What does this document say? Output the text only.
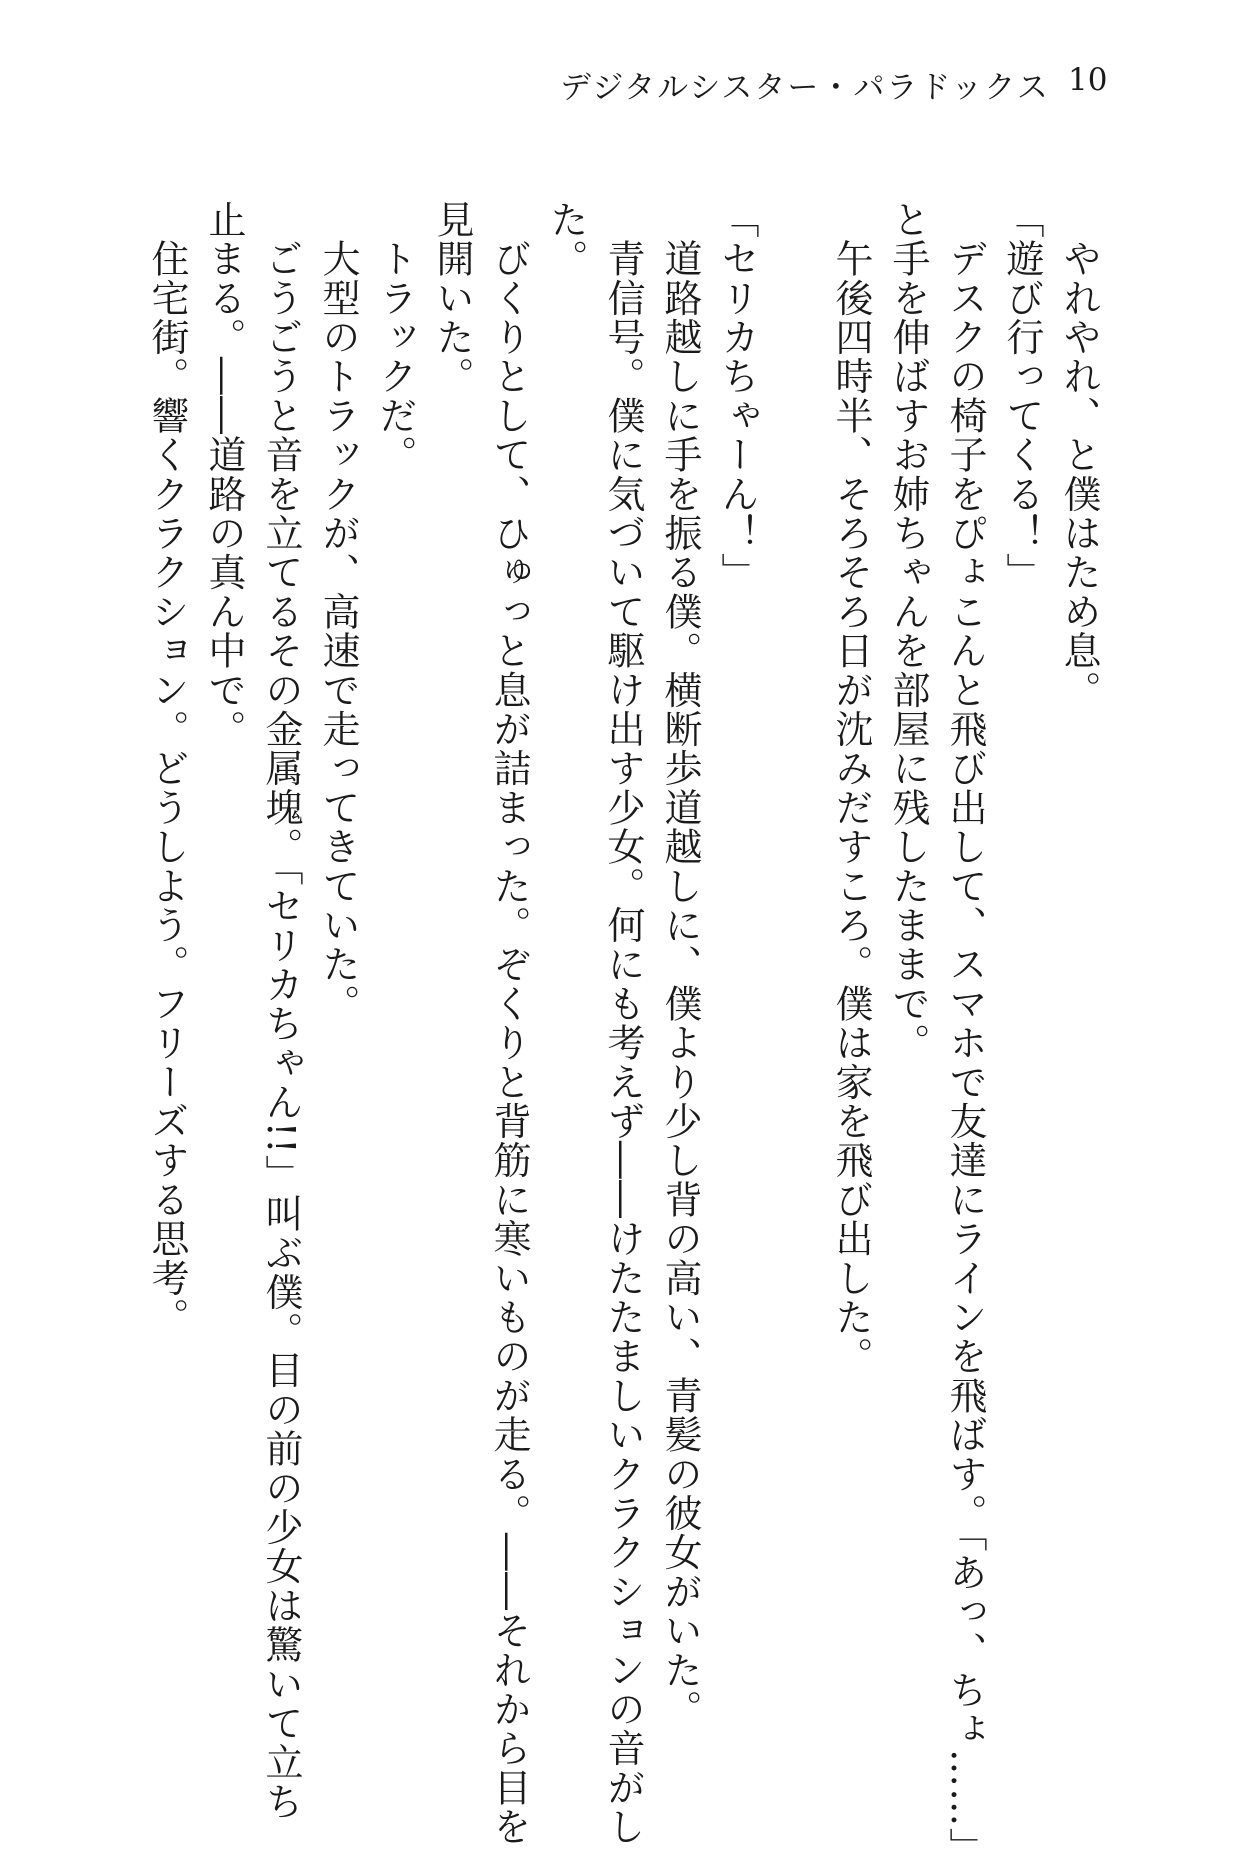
デジタルシスター・パラドックス 10
　やれやれ、と僕はため息。
「遊び行ってくる！」
　デスクの椅子をぴょこんと飛び出して、スマホで友達にラインを飛ばす。「あっ、ちょ……」
と手を伸ばすお姉ちゃんを部屋に残したままで。
　午後四時半、そろそろ日が沈みだすころ。僕は家を飛び出した。

「セリカちゃーん！」
　道路越しに手を振る僕。横断歩道越しに、僕より少し背の高い、青髪の彼女がいた。
　青信号。僕に気づいて駆け出す少女。何にも考えず――けたたましいクラクションの音がし
た。
　びくりとして、ひゅっと息が詰まった。ぞくりと背筋に寒いものが走る。――それから目を
見開いた。
　トラックだ。
　大型のトラックが、高速で走ってきていた。
　ごうごうと音を立てるその金属塊。「セリカちゃん!!」叫ぶ僕。目の前の少女は驚いて立ち
止まる。――道路の真ん中で。
　住宅街。響くクラクション。どうしよう。フリーズする思考。
